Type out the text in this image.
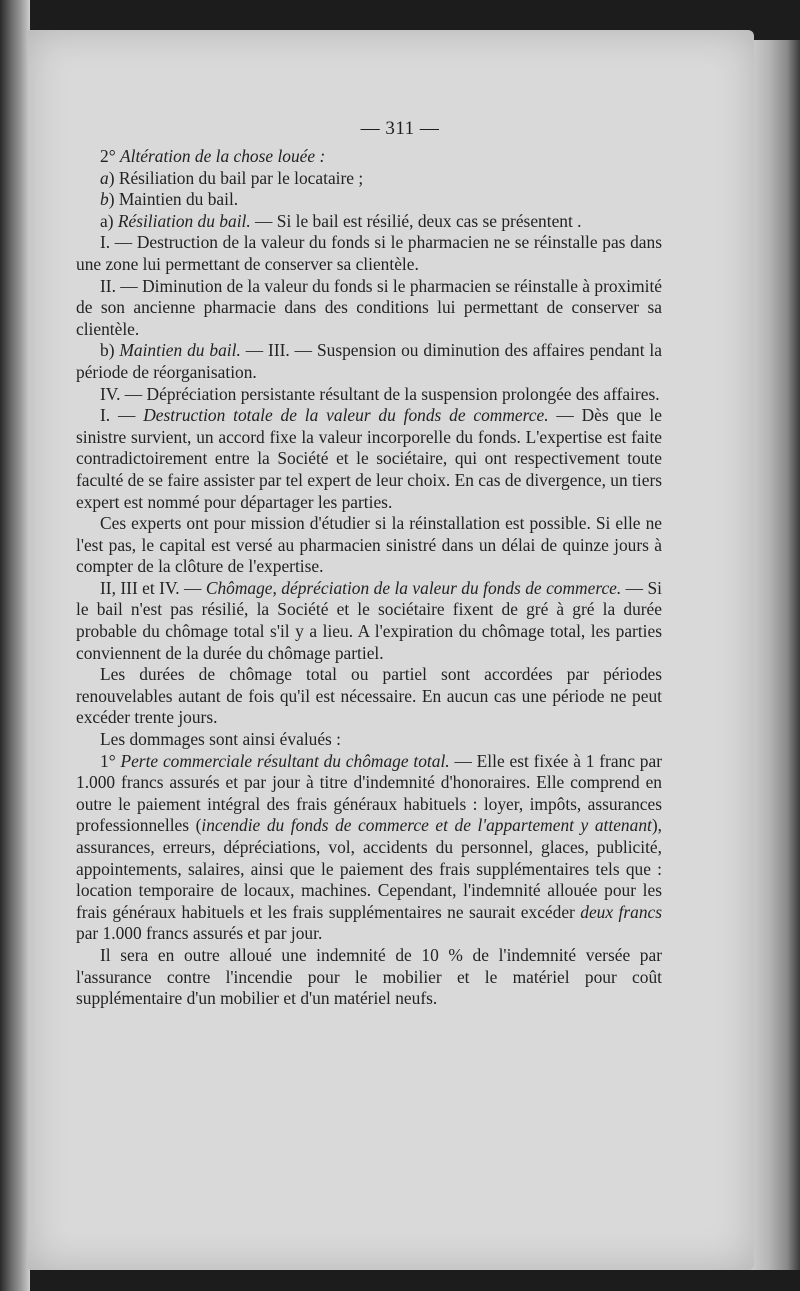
— 311 —

2° Altération de la chose louée :

a) Résiliation du bail par le locataire ;

b) Maintien du bail.

a) Résiliation du bail. — Si le bail est résilié, deux cas se présentent .

I. — Destruction de la valeur du fonds si le pharmacien ne se réinstalle pas dans une zone lui permettant de conserver sa clientèle.

II. — Diminution de la valeur du fonds si le pharmacien se réinstalle à proximité de son ancienne pharmacie dans des conditions lui permettant de conserver sa clientèle.

b) Maintien du bail. — III. — Suspension ou diminution des affaires pendant la période de réorganisation.

IV. — Dépréciation persistante résultant de la suspension prolongée des affaires.

I. — Destruction totale de la valeur du fonds de commerce. — Dès que le sinistre survient, un accord fixe la valeur incorporelle du fonds. L'expertise est faite contradictoirement entre la Société et le sociétaire, qui ont respectivement toute faculté de se faire assister par tel expert de leur choix. En cas de divergence, un tiers expert est nommé pour départager les parties.

Ces experts ont pour mission d'étudier si la réinstallation est possible. Si elle ne l'est pas, le capital est versé au pharmacien sinistré dans un délai de quinze jours à compter de la clôture de l'expertise.

II, III et IV. — Chômage, dépréciation de la valeur du fonds de commerce. — Si le bail n'est pas résilié, la Société et le sociétaire fixent de gré à gré la durée probable du chômage total s'il y a lieu. A l'expiration du chômage total, les parties conviennent de la durée du chômage partiel.

Les durées de chômage total ou partiel sont accordées par périodes renouvelables autant de fois qu'il est nécessaire. En aucun cas une période ne peut excéder trente jours.

Les dommages sont ainsi évalués :

1° Perte commerciale résultant du chômage total. — Elle est fixée à 1 franc par 1.000 francs assurés et par jour à titre d'indemnité d'honoraires. Elle comprend en outre le paiement intégral des frais généraux habituels : loyer, impôts, assurances professionnelles (incendie du fonds de commerce et de l'appartement y attenant), assurances, erreurs, dépréciations, vol, accidents du personnel, glaces, publicité, appointements, salaires, ainsi que le paiement des frais supplémentaires tels que : location temporaire de locaux, machines. Cependant, l'indemnité allouée pour les frais généraux habituels et les frais supplémentaires ne saurait excéder deux francs par 1.000 francs assurés et par jour.

Il sera en outre alloué une indemnité de 10 % de l'indemnité versée par l'assurance contre l'incendie pour le mobilier et le matériel pour coût supplémentaire d'un mobilier et d'un matériel neufs.
